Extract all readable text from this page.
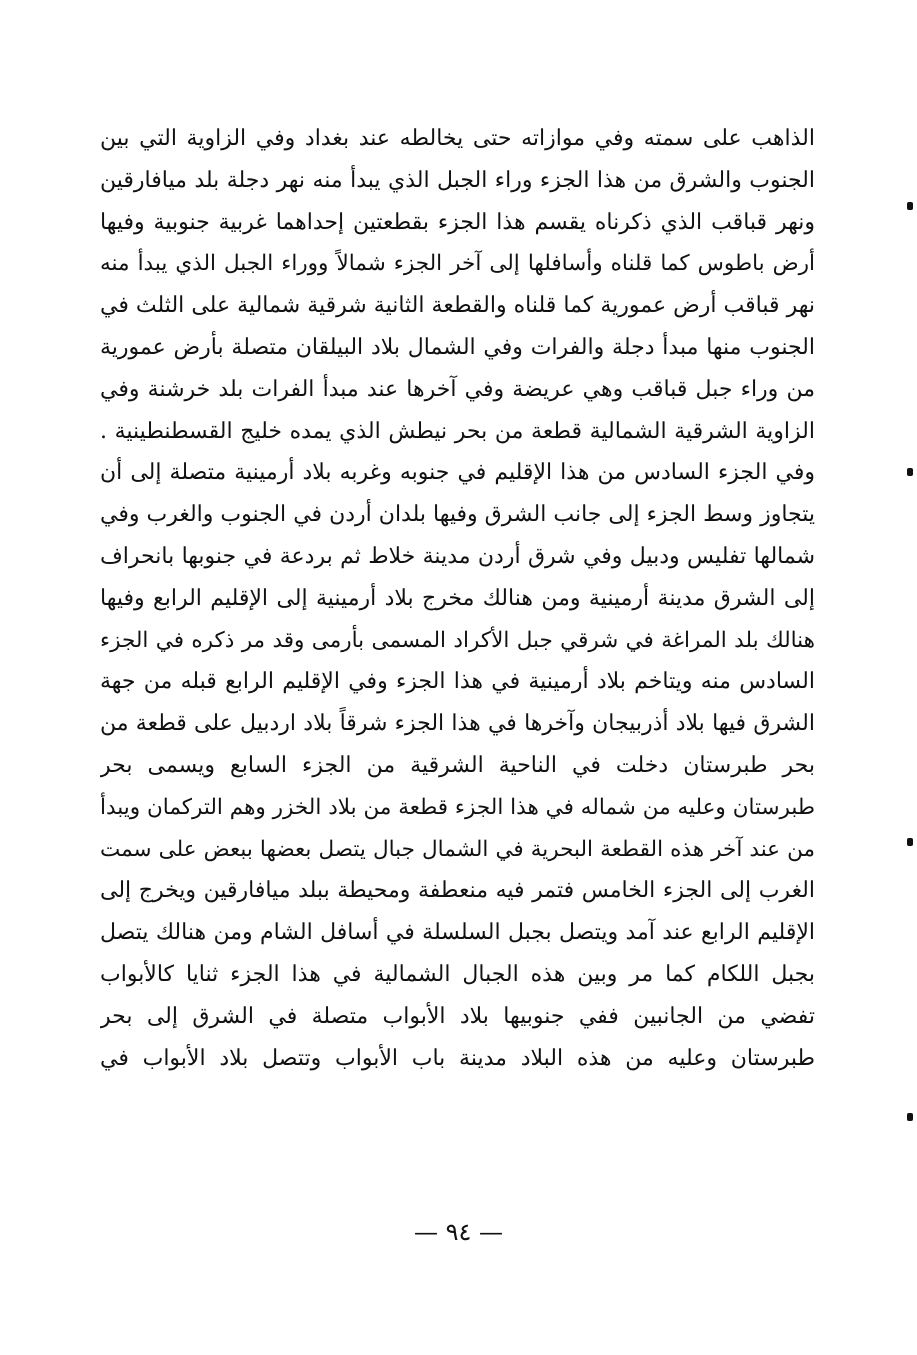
الذاهب على سمته وفي موازاته حتى يخالطه عند بغداد وفي الزاوية التي بين
الجنوب والشرق من هذا الجزء وراء الجبل الذي يبدأ منه نهر دجلة بلد ميافارقين
ونهر قباقب الذي ذكرناه يقسم هذا الجزء بقطعتين إحداهما غربية جنوبية وفيها
أرض باطوس كما قلناه وأسافلها إلى آخر الجزء شمالاً ووراء الجبل الذي يبدأ منه
نهر قباقب أرض عمورية كما قلناه والقطعة الثانية شرقية شمالية على الثلث في
الجنوب منها مبدأ دجلة والفرات وفي الشمال بلاد البيلقان متصلة بأرض عمورية
من وراء جبل قباقب وهي عريضة وفي آخرها عند مبدأ الفرات بلد خرشنة وفي
الزاوية الشرقية الشمالية قطعة من بحر نيطش الذي يمده خليج القسطنطينية .
وفي الجزء السادس من هذا الإقليم في جنوبه وغربه بلاد أرمينية متصلة إلى أن
يتجاوز وسط الجزء إلى جانب الشرق وفيها بلدان أردن في الجنوب والغرب وفي
شمالها تفليس ودبيل وفي شرق أردن مدينة خلاط ثم بردعة في جنوبها بانحراف
إلى الشرق مدينة أرمينية ومن هنالك مخرج بلاد أرمينية إلى الإقليم الرابع وفيها
هنالك بلد المراغة في شرقي جبل الأكراد المسمى بأرمى وقد مر ذكره في الجزء
السادس منه ويتاخم بلاد أرمينية في هذا الجزء وفي الإقليم الرابع قبله من جهة
الشرق فيها بلاد أذربيجان وآخرها في هذا الجزء شرقاً بلاد اردبيل على قطعة من
بحر طبرستان دخلت في الناحية الشرقية من الجزء السابع ويسمى بحر
طبرستان وعليه من شماله في هذا الجزء قطعة من بلاد الخزر وهم التركمان ويبدأ
من عند آخر هذه القطعة البحرية في الشمال جبال يتصل بعضها ببعض على سمت
الغرب إلى الجزء الخامس فتمر فيه منعطفة ومحيطة ببلد ميافارقين ويخرج إلى
الإقليم الرابع عند آمد ويتصل بجبل السلسلة في أسافل الشام ومن هنالك يتصل
بجبل اللكام كما مر وبين هذه الجبال الشمالية في هذا الجزء ثنايا كالأبواب
تفضي من الجانبين ففي جنوبيها بلاد الأبواب متصلة في الشرق إلى بحر
طبرستان وعليه من هذه البلاد مدينة باب الأبواب وتتصل بلاد الأبواب في
— ٩٤ —
